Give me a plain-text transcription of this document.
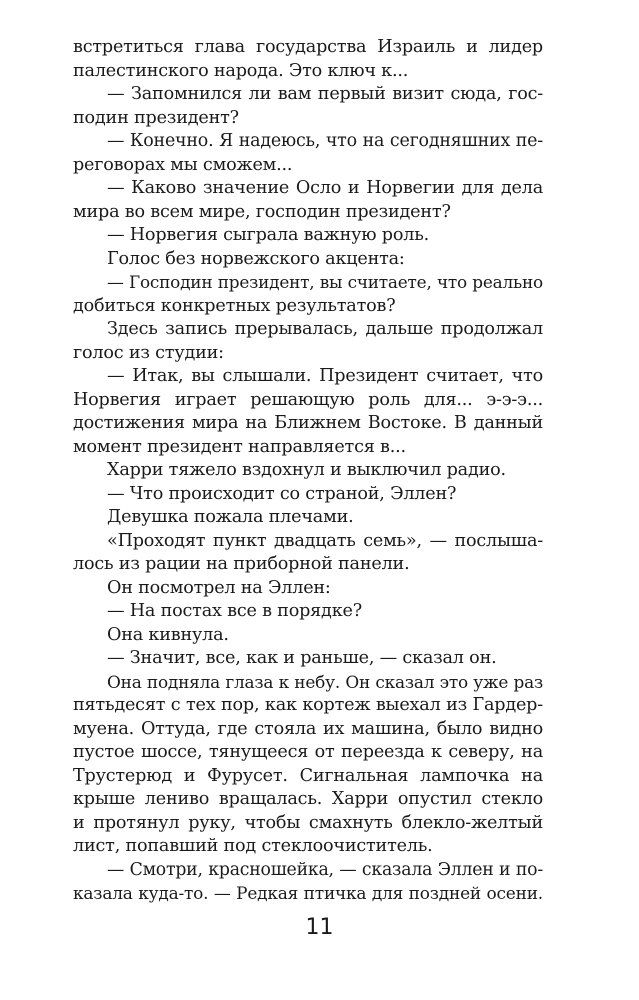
встретиться глава государства Израиль и лидер
палестинского народа. Это ключ к...
— Запомнился ли вам первый визит сюда, гос-
подин президент?
— Конечно. Я надеюсь, что на сегодняшних пе-
реговорах мы сможем...
— Каково значение Осло и Норвегии для дела
мира во всем мире, господин президент?
— Норвегия сыграла важную роль.
Голос без норвежского акцента:
— Господин президент, вы считаете, что реально
добиться конкретных результатов?
Здесь запись прерывалась, дальше продолжал
голос из студии:
— Итак, вы слышали. Президент считает, что
Норвегия играет решающую роль для... э-э-э...
достижения мира на Ближнем Востоке. В данный
момент президент направляется в...
Харри тяжело вздохнул и выключил радио.
— Что происходит со страной, Эллен?
Девушка пожала плечами.
«Проходят пункт двадцать семь», — послыша-
лось из рации на приборной панели.
Он посмотрел на Эллен:
— На постах все в порядке?
Она кивнула.
— Значит, все, как и раньше, — сказал он.
Она подняла глаза к небу. Он сказал это уже раз
пятьдесят с тех пор, как кортеж выехал из Гардер-
муена. Оттуда, где стояла их машина, было видно
пустое шоссе, тянущееся от переезда к северу, на
Трустерюд и Фурусет. Сигнальная лампочка на
крыше лениво вращалась. Харри опустил стекло
и протянул руку, чтобы смахнуть блекло-желтый
лист, попавший под стеклоочиститель.
— Смотри, красношейка, — сказала Эллен и по-
казала куда-то. — Редкая птичка для поздней осени.
11
